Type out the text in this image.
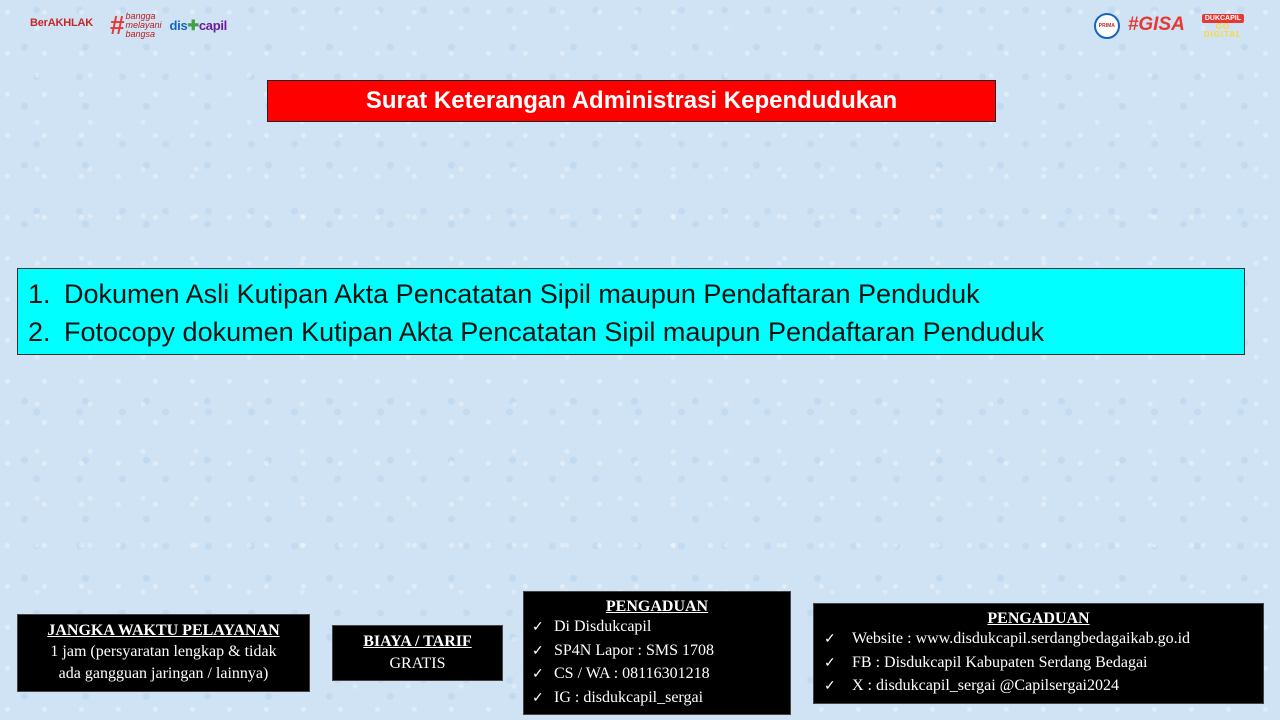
BerAKHLAK
# bangga
melayani
bangsa
dis✚capil	PRIMA #GISA
	DUKCAPIL
GO
DIGITAL
Surat Keterangan Administrasi Kependudukan
1. Dokumen Asli Kutipan Akta Pencatatan Sipil maupun Pendaftaran Penduduk
2. Fotocopy dokumen Kutipan Akta Pencatatan Sipil maupun Pendaftaran Penduduk
JANGKA WAKTU PELAYANAN
1 jam (persyaratan lengkap & tidak
ada gangguan jaringan / lainnya)
BIAYA / TARIF
GRATIS
PENGADUAN
✓ Di Disdukcapil
✓ SP4N Lapor : SMS 1708
✓ CS / WA : 08116301218
✓ IG : disdukcapil_sergai
PENGADUAN
✓	Website : www.disdukcapil.serdangbedagaikab.go.id
✓	FB : Disdukcapil Kabupaten Serdang Bedagai
✓	X : disdukcapil_sergai @Capilsergai2024
